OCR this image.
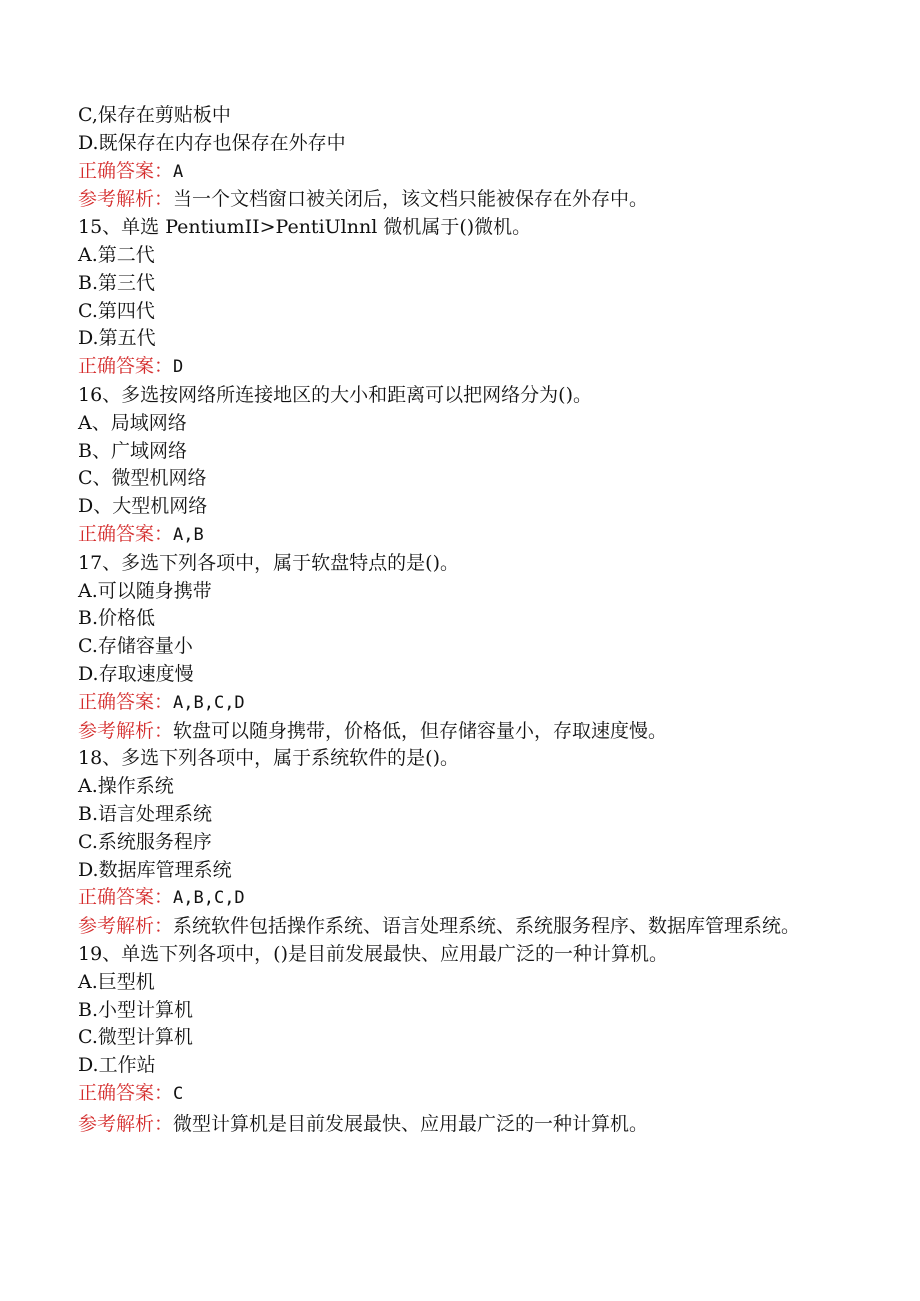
C,保存在剪贴板中
D.既保存在内存也保存在外存中
正确答案：A
参考解析：当一个文档窗口被关闭后，该文档只能被保存在外存中。
15、单选 PentiumII>PentiUlnnl 微机属于()微机。
A.第二代
B.第三代
C.第四代
D.第五代
正确答案：D
16、多选按网络所连接地区的大小和距离可以把网络分为()。
A、局域网络
B、广域网络
C、微型机网络
D、大型机网络
正确答案：A,B
17、多选下列各项中，属于软盘特点的是()。
A.可以随身携带
B.价格低
C.存储容量小
D.存取速度慢
正确答案：A,B,C,D
参考解析：软盘可以随身携带，价格低，但存储容量小，存取速度慢。
18、多选下列各项中，属于系统软件的是()。
A.操作系统
B.语言处理系统
C.系统服务程序
D.数据库管理系统
正确答案：A,B,C,D
参考解析：系统软件包括操作系统、语言处理系统、系统服务程序、数据库管理系统。
19、单选下列各项中，()是目前发展最快、应用最广泛的一种计算机。
A.巨型机
B.小型计算机
C.微型计算机
D.工作站
正确答案：C
参考解析：微型计算机是目前发展最快、应用最广泛的一种计算机。
